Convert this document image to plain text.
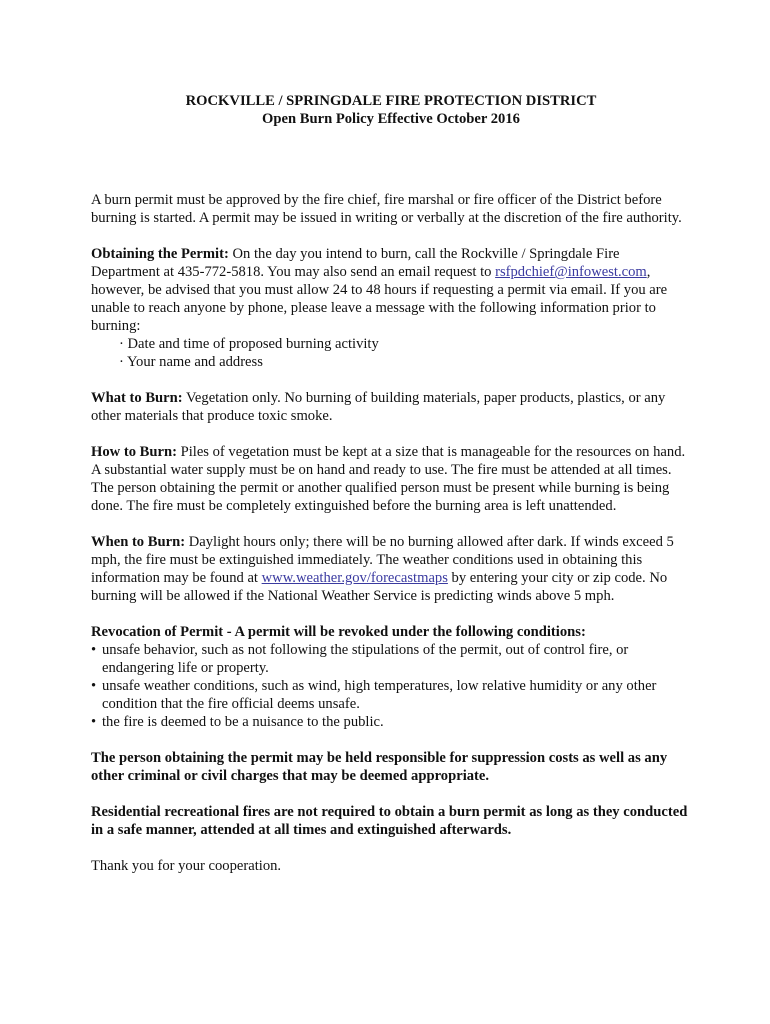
ROCKVILLE / SPRINGDALE FIRE PROTECTION DISTRICT
Open Burn Policy Effective October 2016

A burn permit must be approved by the fire chief, fire marshal or fire officer of the District before burning is started. A permit may be issued in writing or verbally at the discretion of the fire authority.

Obtaining the Permit: On the day you intend to burn, call the Rockville / Springdale Fire Department at 435-772-5818. You may also send an email request to rsfpdchief@infowest.com, however, be advised that you must allow 24 to 48 hours if requesting a permit via email. If you are unable to reach anyone by phone, please leave a message with the following information prior to burning:
· Date and time of proposed burning activity
· Your name and address

What to Burn: Vegetation only. No burning of building materials, paper products, plastics, or any other materials that produce toxic smoke.

How to Burn: Piles of vegetation must be kept at a size that is manageable for the resources on hand. A substantial water supply must be on hand and ready to use. The fire must be attended at all times. The person obtaining the permit or another qualified person must be present while burning is being done. The fire must be completely extinguished before the burning area is left unattended.

When to Burn: Daylight hours only; there will be no burning allowed after dark. If winds exceed 5 mph, the fire must be extinguished immediately. The weather conditions used in obtaining this information may be found at www.weather.gov/forecastmaps by entering your city or zip code. No burning will be allowed if the National Weather Service is predicting winds above 5 mph.

Revocation of Permit - A permit will be revoked under the following conditions:
• unsafe behavior, such as not following the stipulations of the permit, out of control fire, or endangering life or property.
• unsafe weather conditions, such as wind, high temperatures, low relative humidity or any other condition that the fire official deems unsafe.
• the fire is deemed to be a nuisance to the public.

The person obtaining the permit may be held responsible for suppression costs as well as any other criminal or civil charges that may be deemed appropriate.

Residential recreational fires are not required to obtain a burn permit as long as they conducted in a safe manner, attended at all times and extinguished afterwards.

Thank you for your cooperation.
